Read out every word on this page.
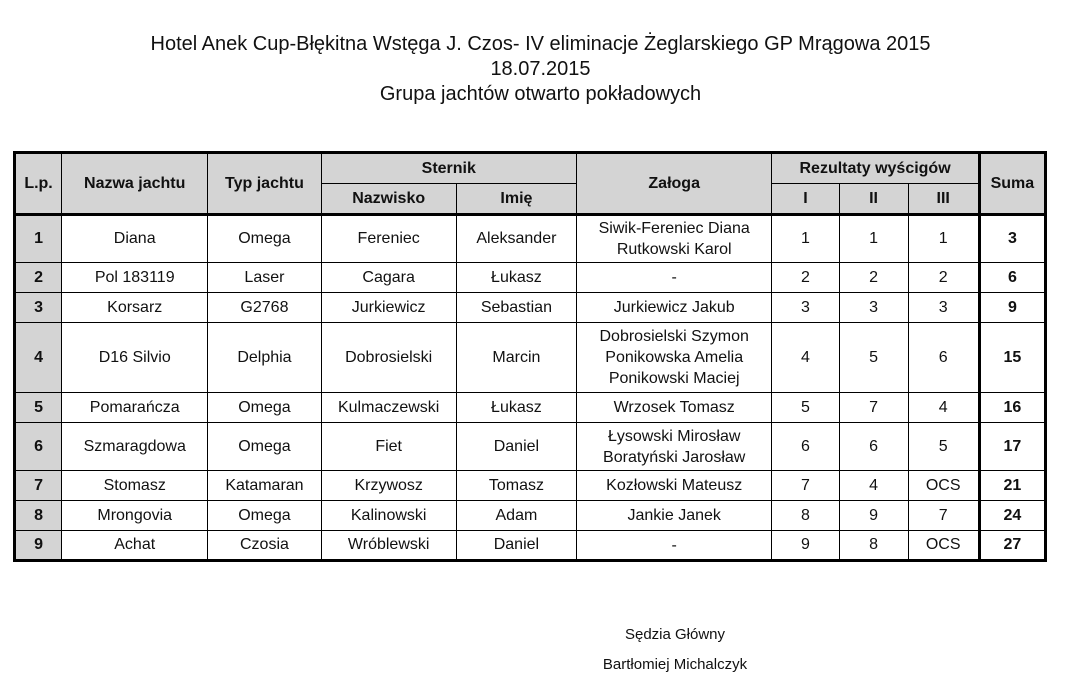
Hotel Anek Cup-Błękitna Wstęga J. Czos- IV eliminacje Żeglarskiego GP Mrągowa 2015
18.07.2015
Grupa jachtów otwarto pokładowych
L.p.	Nazwa jachtu	Typ jachtu	Sternik		Załoga	Rezultaty wyścigów			Suma
			Nazwisko	Imię		I	II	III	
1	Diana	Omega	Fereniec	Aleksander	Siwik-Fereniec Diana
Rutkowski Karol	1	1	1	3
2	Pol 183119	Laser	Cagara	Łukasz	-	2	2	2	6
3	Korsarz	G2768	Jurkiewicz	Sebastian	Jurkiewicz Jakub	3	3	3	9
4	D16 Silvio	Delphia	Dobrosielski	Marcin	Dobrosielski Szymon
Ponikowska Amelia
Ponikowski Maciej	4	5	6	15
5	Pomarańcza	Omega	Kulmaczewski	Łukasz	Wrzosek Tomasz	5	7	4	16
6	Szmaragdowa	Omega	Fiet	Daniel	Łysowski Mirosław
Boratyński Jarosław	6	6	5	17
7	Stomasz	Katamaran	Krzywosz	Tomasz	Kozłowski Mateusz	7	4	OCS	21
8	Mrongovia	Omega	Kalinowski	Adam	Jankie Janek	8	9	7	24
9	Achat	Czosia	Wróblewski	Daniel	-	9	8	OCS	27
Sędzia Główny
Bartłomiej Michalczyk
